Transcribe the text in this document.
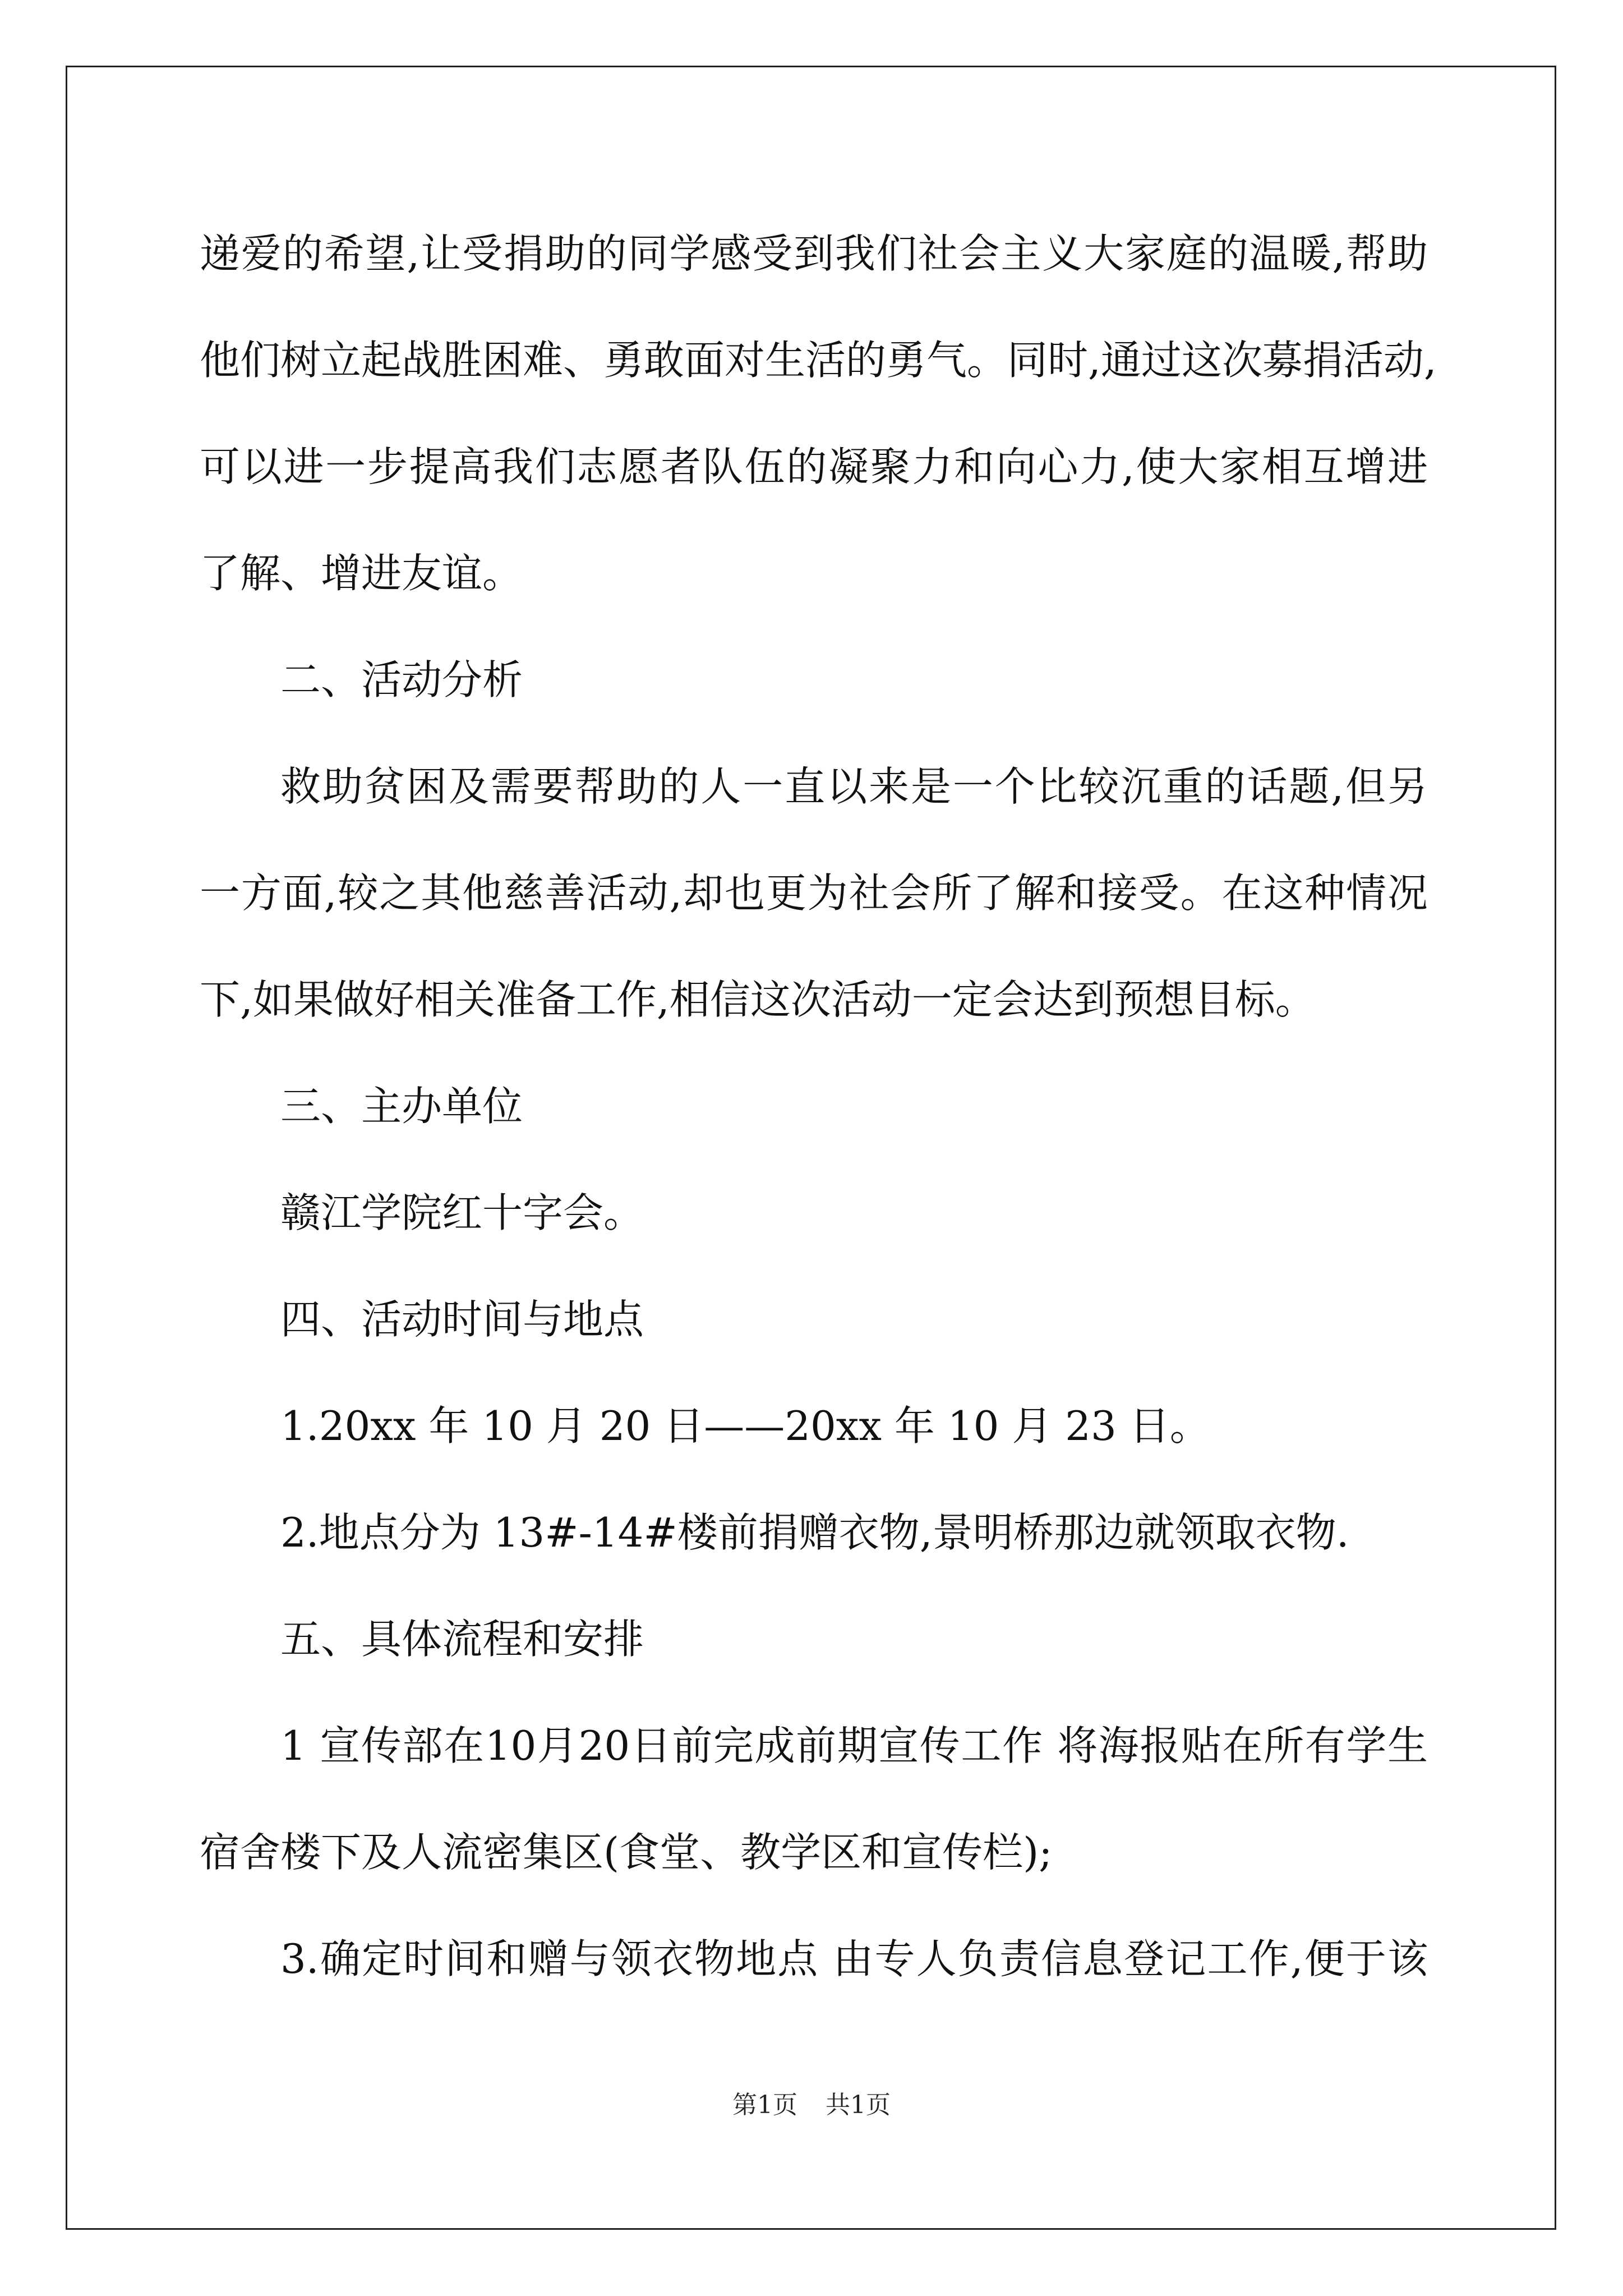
递爱的希望,让受捐助的同学感受到我们社会主义大家庭的温暖,帮助
他们树立起战胜困难、勇敢面对生活的勇气。同时,通过这次募捐活动,
可以进一步提高我们志愿者队伍的凝聚力和向心力,使大家相互增进
了解、增进友谊。
二、活动分析
救助贫困及需要帮助的人一直以来是一个比较沉重的话题,但另
一方面,较之其他慈善活动,却也更为社会所了解和接受。在这种情况
下,如果做好相关准备工作,相信这次活动一定会达到预想目标。
三、主办单位
赣江学院红十字会。
四、活动时间与地点
1.20xx 年 10 月 20 日——20xx 年 10 月 23 日。
2.地点分为 13#-14#楼前捐赠衣物,景明桥那边就领取衣物.
五、具体流程和安排
1 宣传部在10月20日前完成前期宣传工作 将海报贴在所有学生
宿舍楼下及人流密集区(食堂、教学区和宣传栏);
3.确定时间和赠与领衣物地点 由专人负责信息登记工作,便于该
第1页 共1页
